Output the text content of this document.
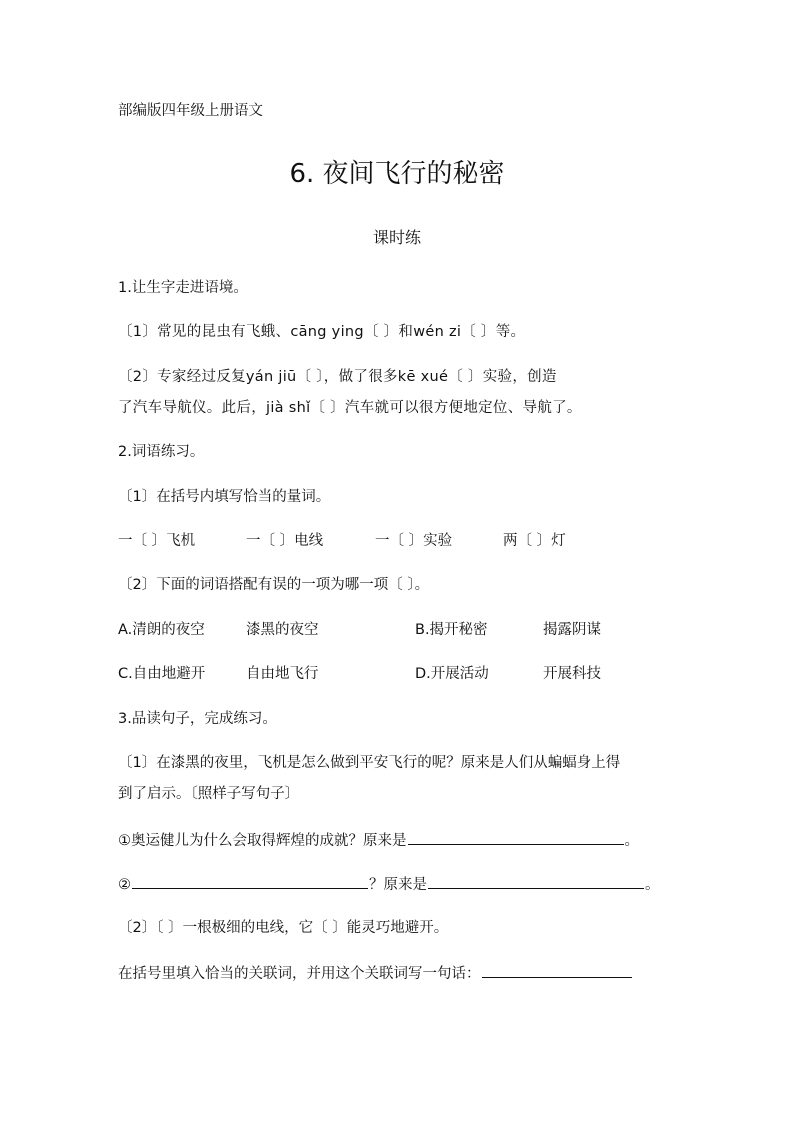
部编版四年级上册语文
6. 夜间飞行的秘密
课时练
1.让生字走进语境。
〔1〕常见的昆虫有飞蛾、cāng ying〔 〕和wén zi〔 〕等。
〔2〕专家经过反复yán jiū〔 〕，做了很多kē xué〔 〕实验，创造
了汽车导航仪。此后，jià shǐ〔 〕汽车就可以很方便地定位、导航了。
2.词语练习。
〔1〕在括号内填写恰当的量词。
一〔 〕飞机	一〔 〕电线	一〔 〕实验	两〔 〕灯
〔2〕下面的词语搭配有误的一项为哪一项〔 〕。
A.清朗的夜空	漆黑的夜空	B.揭开秘密	揭露阴谋
C.自由地避开	自由地飞行	D.开展活动	开展科技
3.品读句子，完成练习。
〔1〕在漆黑的夜里，飞机是怎么做到平安飞行的呢？原来是人们从蝙蝠身上得
到了启示。〔照样子写句子〕
①奥运健儿为什么会取得辉煌的成就？原来是	。
②	？原来是	。
〔2〕〔 〕一根极细的电线，它〔 〕能灵巧地避开。
在括号里填入恰当的关联词，并用这个关联词写一句话：
